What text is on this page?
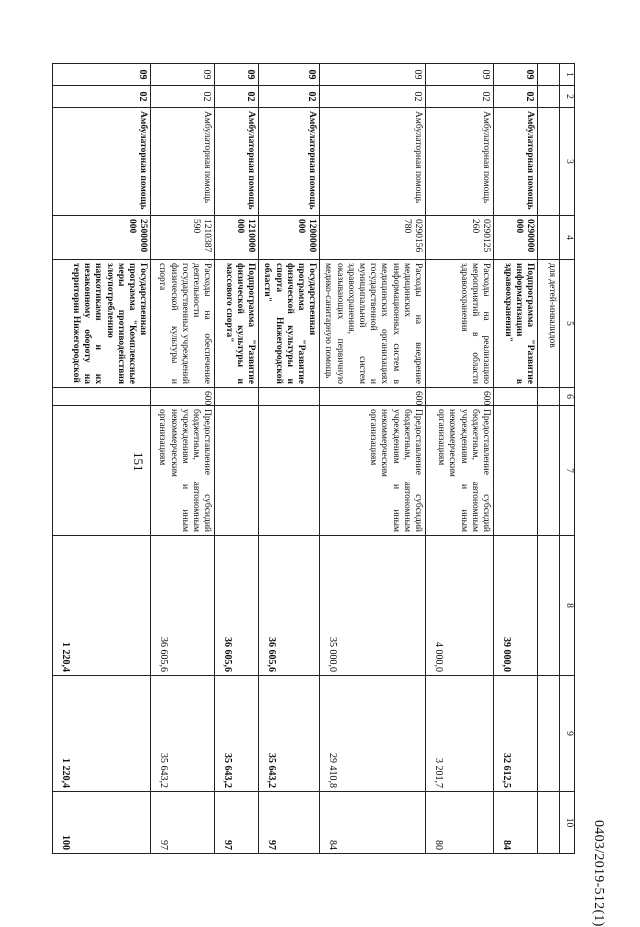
151
0403/2019-512(1)
1	2	3	4	5	6	7	8	9	10
				для детей-инвалидов					
09	02	Амбулаторная помощь	0290000 000	Подпрограмма "Развитие информатизации в здравоохранении"			39 000,0	32 612,5	84
09	02	Амбулаторная помощь	0290125 260	Расходы на реализацию мероприятий в области здравоохранения	600	Предоставление субсидий бюджетным, автономным учреждениям и иным некоммерческим организациям	4 000,0	3 201,7	80
09	02	Амбулаторная помощь	0290156 780	Расходы на внедрение медицинских информационных систем в медицинских организациях государственной и муниципальной систем здравоохранения, оказывающих первичную медико-санитарную помощь	600	Предоставление субсидий бюджетным, автономным учреждениям и иным некоммерческим организациям	35 000,0	29 410,8	84
09	02	Амбулаторная помощь	1200000 000	Государственная программа "Развитие физической культуры и спорта Нижегородской области"			36 605,6	35 643,2	97
09	02	Амбулаторная помощь	1210000 000	Подпрограмма "Развитие физической культуры и массового спорта"			36 605,6	35 643,2	97
09	02	Амбулаторная помощь	1210387 590	Расходы на обеспечение деятельности государственных учреждений физической культуры и спорта	600	Предоставление субсидий бюджетным, автономным учреждениям и иным некоммерческим организациям	36 605,6	35 643,2	97
09	02	Амбулаторная помощь	2500000 000	Государственная программа "Комплексные меры противодействия злоупотреблению наркотиками и их незаконному обороту на территории Нижегородской			1 220,4	1 220,4	100
